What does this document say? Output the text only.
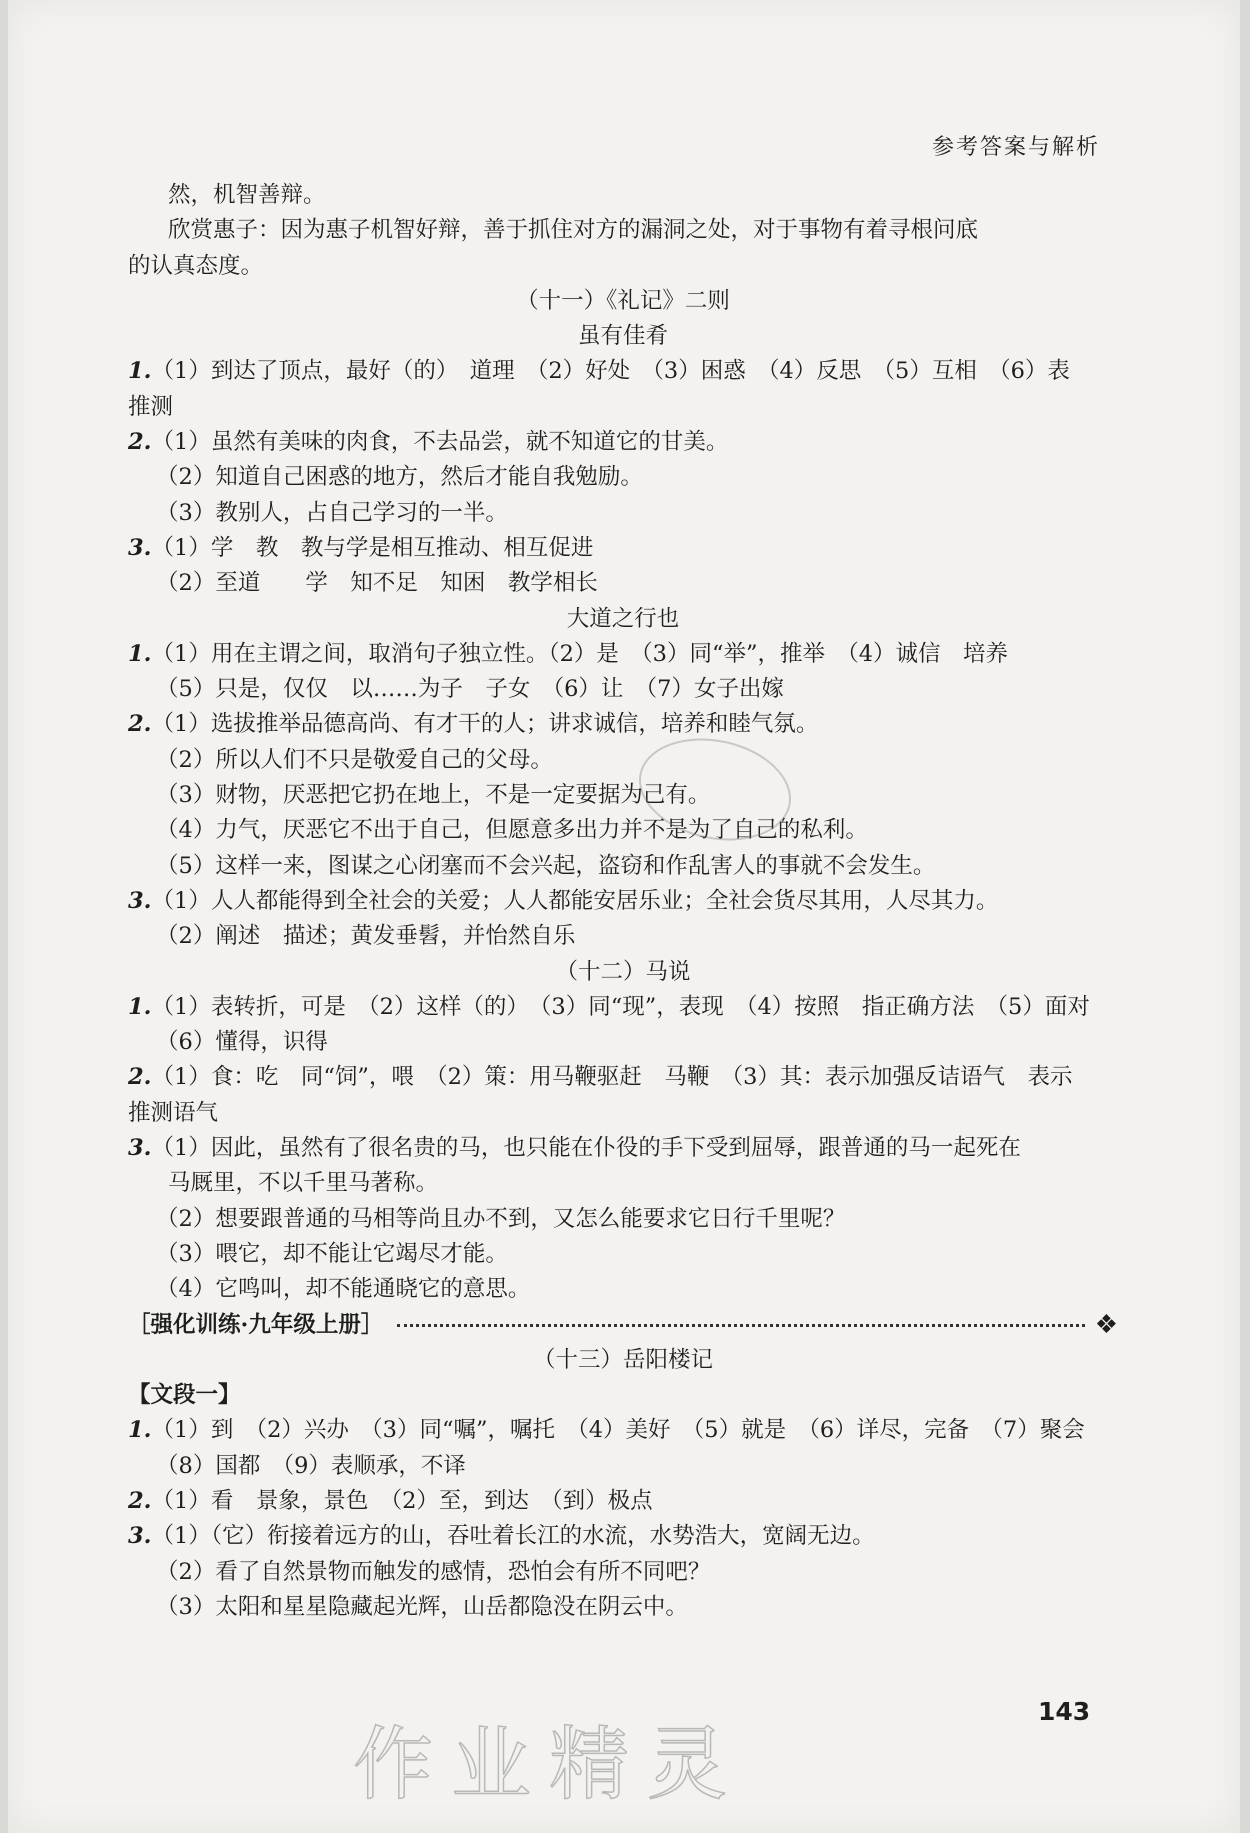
参考答案与解析
然，机智善辩。
欣赏惠子：因为惠子机智好辩，善于抓住对方的漏洞之处，对于事物有着寻根问底
的认真态度。
（十一）《礼记》二则
虽有佳肴
1.（1）到达了顶点，最好（的）　道理　（2）好处　（3）困惑　（4）反思　（5）互相　（6）表
推测
2.（1）虽然有美味的肉食，不去品尝，就不知道它的甘美。
（2）知道自己困惑的地方，然后才能自我勉励。
（3）教别人，占自己学习的一半。
3.（1）学　教　教与学是相互推动、相互促进
（2）至道　　学　知不足　知困　教学相长
大道之行也
1.（1）用在主谓之间，取消句子独立性。（2）是　（3）同“举”，推举　（4）诚信　培养
（5）只是，仅仅　以……为子　子女　（6）让　（7）女子出嫁
2.（1）选拔推举品德高尚、有才干的人；讲求诚信，培养和睦气氛。
（2）所以人们不只是敬爱自己的父母。
（3）财物，厌恶把它扔在地上，不是一定要据为己有。
（4）力气，厌恶它不出于自己，但愿意多出力并不是为了自己的私利。
（5）这样一来，图谋之心闭塞而不会兴起，盗窃和作乱害人的事就不会发生。
3.（1）人人都能得到全社会的关爱；人人都能安居乐业；全社会货尽其用，人尽其力。
（2）阐述　描述；黄发垂髫，并怡然自乐
（十二）马说
1.（1）表转折，可是　（2）这样（的）　（3）同“现”，表现　（4）按照　指正确方法　（5）面对
（6）懂得，识得
2.（1）食：吃　同“饲”，喂　（2）策：用马鞭驱赶　马鞭　（3）其：表示加强反诘语气　表示
推测语气
3.（1）因此，虽然有了很名贵的马，也只能在仆役的手下受到屈辱，跟普通的马一起死在
马厩里，不以千里马著称。
（2）想要跟普通的马相等尚且办不到，又怎么能要求它日行千里呢？
（3）喂它，却不能让它竭尽才能。
（4）它鸣叫，却不能通晓它的意思。
［强化训练·九年级上册］	❖
（十三）岳阳楼记
【文段一】
1.（1）到　（2）兴办　（3）同“嘱”，嘱托　（4）美好　（5）就是　（6）详尽，完备　（7）聚会
（8）国都　（9）表顺承，不译
2.（1）看　景象，景色　（2）至，到达　（到）极点
3.（1）（它）衔接着远方的山，吞吐着长江的水流，水势浩大，宽阔无边。
（2）看了自然景物而触发的感情，恐怕会有所不同吧？
（3）太阳和星星隐藏起光辉，山岳都隐没在阴云中。
作业精灵
143
